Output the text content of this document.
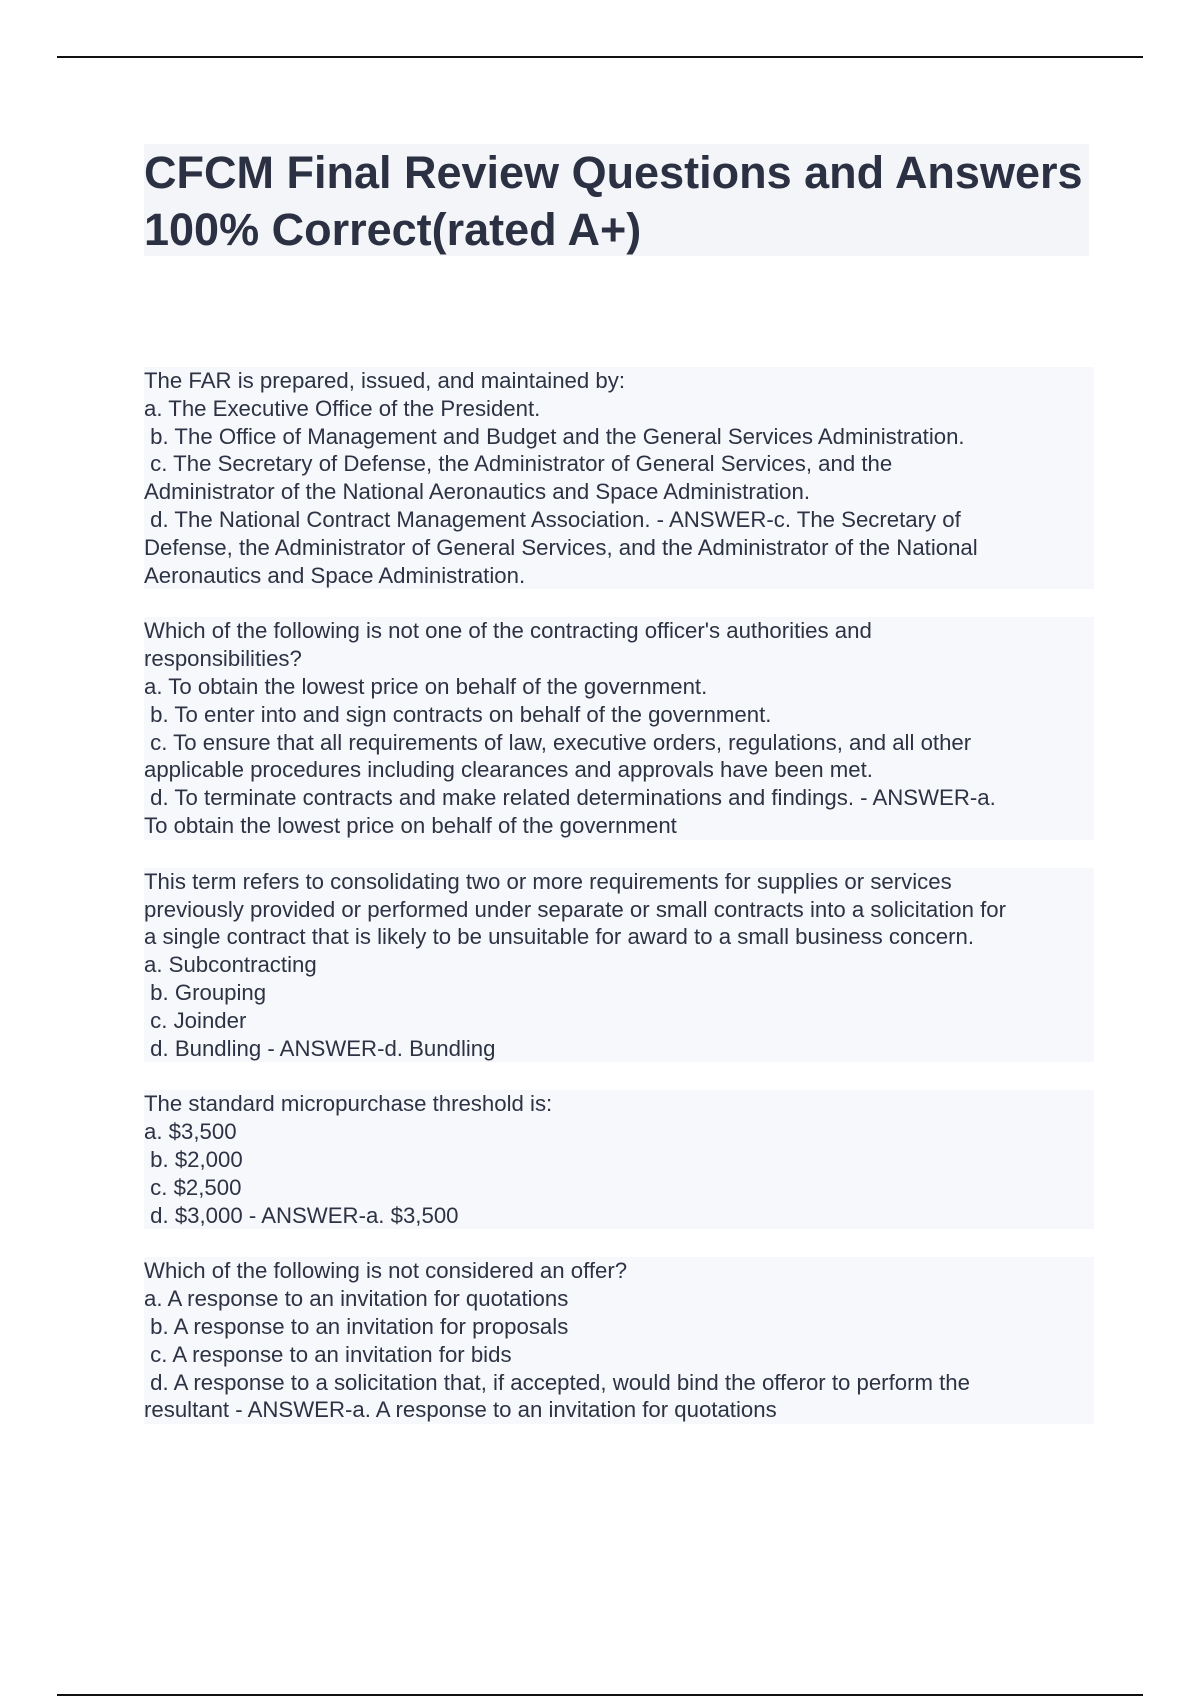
CFCM Final Review Questions and Answers 100% Correct(rated A+)
The FAR is prepared, issued, and maintained by:
a. The Executive Office of the President.
b. The Office of Management and Budget and the General Services Administration.
c. The Secretary of Defense, the Administrator of General Services, and the
Administrator of the National Aeronautics and Space Administration.
d. The National Contract Management Association. - ANSWER-c. The Secretary of
Defense, the Administrator of General Services, and the Administrator of the National
Aeronautics and Space Administration.
Which of the following is not one of the contracting officer's authorities and
responsibilities?
a. To obtain the lowest price on behalf of the government.
b. To enter into and sign contracts on behalf of the government.
c. To ensure that all requirements of law, executive orders, regulations, and all other
applicable procedures including clearances and approvals have been met.
d. To terminate contracts and make related determinations and findings. - ANSWER-a.
To obtain the lowest price on behalf of the government
This term refers to consolidating two or more requirements for supplies or services
previously provided or performed under separate or small contracts into a solicitation for
a single contract that is likely to be unsuitable for award to a small business concern.
a. Subcontracting
b. Grouping
c. Joinder
d. Bundling - ANSWER-d. Bundling
The standard micropurchase threshold is:
a. $3,500
b. $2,000
c. $2,500
d. $3,000 - ANSWER-a. $3,500
Which of the following is not considered an offer?
a. A response to an invitation for quotations
b. A response to an invitation for proposals
c. A response to an invitation for bids
d. A response to a solicitation that, if accepted, would bind the offeror to perform the
resultant - ANSWER-a. A response to an invitation for quotations
